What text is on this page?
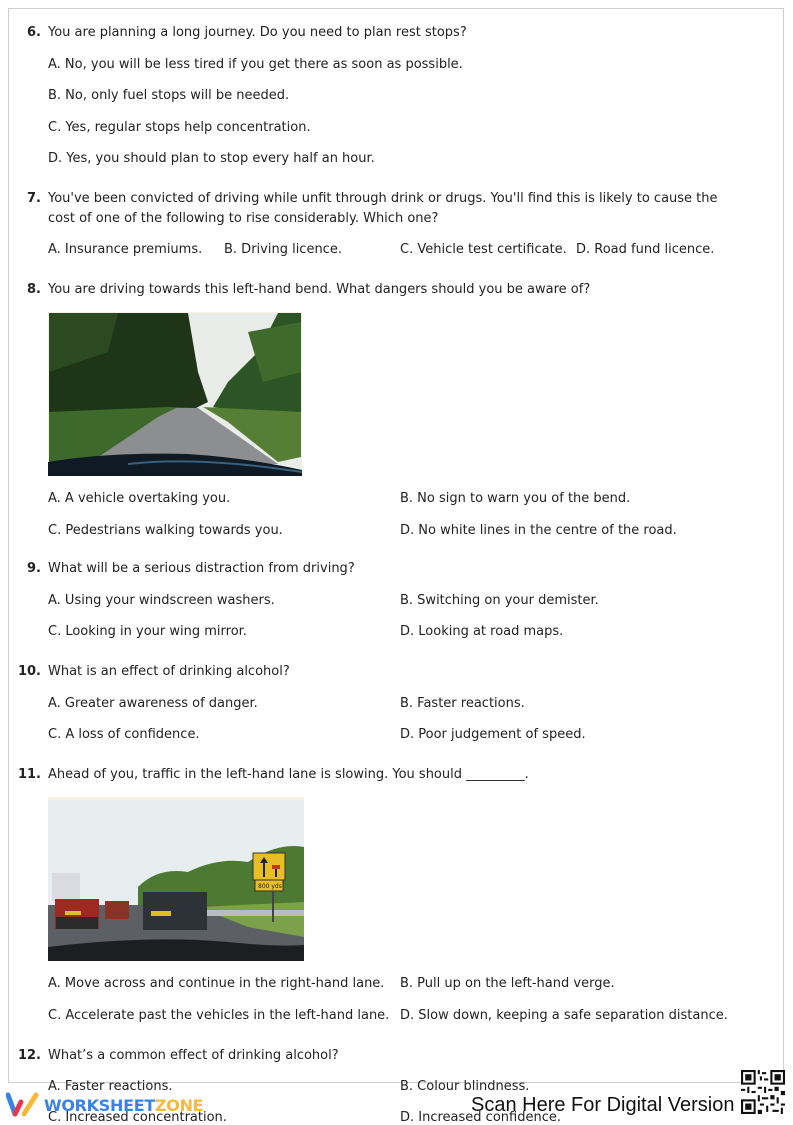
6. You are planning a long journey. Do you need to plan rest stops?
A. No, you will be less tired if you get there as soon as possible.
B. No, only fuel stops will be needed.
C. Yes, regular stops help concentration.
D. Yes, you should plan to stop every half an hour.
7. You've been convicted of driving while unfit through drink or drugs. You'll find this is likely to cause the cost of one of the following to rise considerably. Which one?
A. Insurance premiums. B. Driving licence.	C. Vehicle test certificate. D. Road fund licence.
8. You are driving towards this left-hand bend. What dangers should you be aware of?
A. A vehicle overtaking you.	B. No sign to warn you of the bend.
C. Pedestrians walking towards you.	D. No white lines in the centre of the road.
9. What will be a serious distraction from driving?
A. Using your windscreen washers.	B. Switching on your demister.
C. Looking in your wing mirror.	D. Looking at road maps.
10. What is an effect of drinking alcohol?
A. Greater awareness of danger.	B. Faster reactions.
C. A loss of confidence.	D. Poor judgement of speed.
11. Ahead of you, traffic in the left-hand lane is slowing. You should _________.
800 yds
A. Move across and continue in the right-hand lane. B. Pull up on the left-hand verge.
C. Accelerate past the vehicles in the left-hand lane. D. Slow down, keeping a safe separation distance.
12. What’s a common effect of drinking alcohol?
A. Faster reactions.	B. Colour blindness.
C. Increased concentration.	D. Increased confidence.
WORKSHEETZONE	Scan Here For Digital Version
